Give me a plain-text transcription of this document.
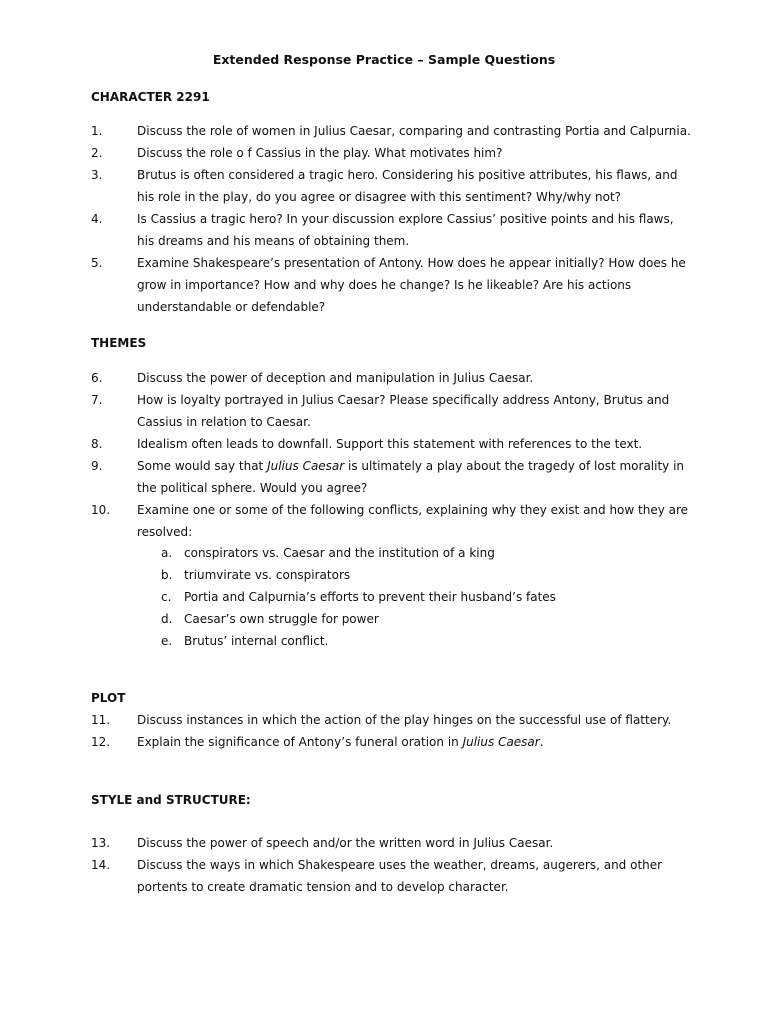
Extended Response Practice – Sample Questions
CHARACTER 2291
1.	Discuss the role of women in Julius Caesar, comparing and contrasting Portia and Calpurnia.
2.	Discuss the role o f Cassius in the play. What motivates him?
3.	Brutus is often considered a tragic hero. Considering his positive attributes, his flaws, and his role in the play, do you agree or disagree with this sentiment? Why/why not?
4.	Is Cassius a tragic hero? In your discussion explore Cassius’ positive points and his flaws, his dreams and his means of obtaining them.
5.	Examine Shakespeare’s presentation of Antony. How does he appear initially? How does he grow in importance? How and why does he change? Is he likeable? Are his actions understandable or defendable?
THEMES
6.	Discuss the power of deception and manipulation in Julius Caesar.
7.	How is loyalty portrayed in Julius Caesar? Please specifically address Antony, Brutus and Cassius in relation to Caesar.
8.	Idealism often leads to downfall. Support this statement with references to the text.
9.	Some would say that Julius Caesar is ultimately a play about the tragedy of lost morality in the political sphere. Would you agree?
10. Examine one or some of the following conflicts, explaining why they exist and how they are resolved:
a. conspirators vs. Caesar and the institution of a king
b. triumvirate vs. conspirators
c. Portia and Calpurnia’s efforts to prevent their husband’s fates
d. Caesar’s own struggle for power
e. Brutus’ internal conflict.
PLOT
11. Discuss instances in which the action of the play hinges on the successful use of flattery.
12. Explain the significance of Antony’s funeral oration in Julius Caesar.
STYLE and STRUCTURE:
13. Discuss the power of speech and/or the written word in Julius Caesar.
14. Discuss the ways in which Shakespeare uses the weather, dreams, augerers, and other portents to create dramatic tension and to develop character.
